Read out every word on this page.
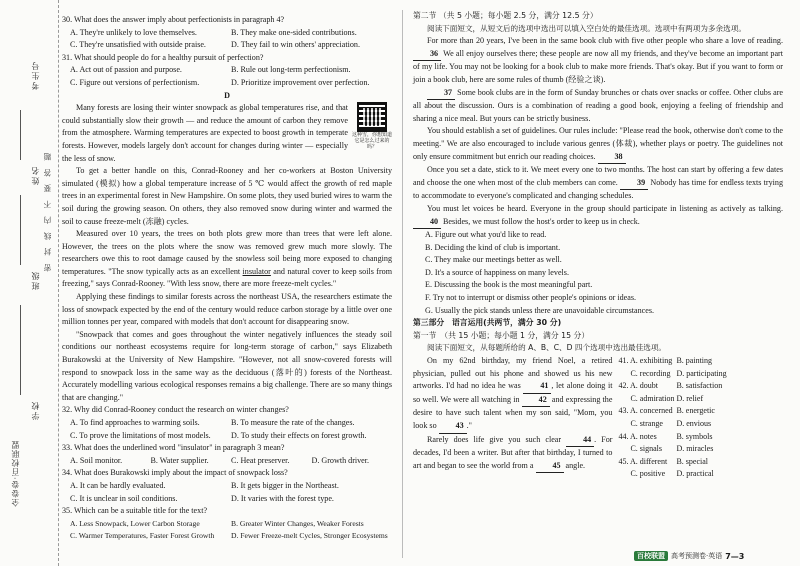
全卷卷·百校联盟
学校
班级
姓名
考生号
密 封 线 内 不 要 答 题

30. What does the answer imply about perfectionists in paragraph 4?

A. They're unlikely to love themselves.	B. They make one-sided contributions.
C. They're unsatisfied with outside praise.	D. They fail to win others' appreciation.

31. What should people do for a healthy pursuit of perfection?

A. Act out of passion and purpose.	B. Rule out long-term perfectionism.
C. Figure out versions of perfectionism.	D. Prioritize improvement over perfection.

D

这种雪，你想知道它是怎么过来的吗？

Many forests are losing their winter snowpack as global temperatures rise, and that could substantially slow their growth — and reduce the amount of carbon they remove from the atmosphere. Warming temperatures are expected to boost growth in temperate forests. However, models largely don't account for changes during winter — especially the less of snow.

To get a better handle on this, Conrad-Rooney and her co-workers at Boston University simulated (模拟) how a global temperature increase of 5 ℃ would affect the growth of red maple trees in an experimental forest in New Hampshire. On some plots, they used buried wires to warm the soil during the growing season. On others, they also removed snow during winter and warmed the soil to cause freeze-melt (冻融) cycles.

Measured over 10 years, the trees on both plots grew more than trees that were left alone. However, the trees on the plots where the snow was removed grew much more slowly. The researchers owe this to root damage caused by the snowless soil being more exposed to changing temperatures. "The snow typically acts as an excellent insulator and natural cover to keep soils from freezing," says Conrad-Rooney. "With less snow, there are more freeze-melt cycles."

Applying these findings to similar forests across the northeast USA, the researchers estimate the loss of snowpack expected by the end of the century would reduce carbon storage by a little over one million tonnes per year, compared with models that don't account for disappearing snow.

"Snowpack that comes and goes throughout the winter negatively influences the steady soil conditions our northeast ecosystems require for long-term storage of carbon," says Elizabeth Burakowski at the University of New Hampshire. "However, not all snow-covered forests will respond to snowpack loss in the same way as the deciduous (落叶的) forests of the Northeast. Accurately modelling various ecological responses remains a big challenge. There are so many things that are changing."

32. Why did Conrad-Rooney conduct the research on winter changes?

A. To find approaches to warming soils.	B. To measure the rate of the changes.
C. To prove the limitations of most models.	D. To study their effects on forest growth.

33. What does the underlined word "insulator" in paragraph 3 mean?

A. Soil monitor.	B. Water supplier.	C. Heat preserver.	D. Growth driver.

34. What does Burakowski imply about the impact of snowpack loss?

A. It can be hardly evaluated.	B. It gets bigger in the Northeast.
C. It is unclear in soil conditions.	D. It varies with the forest type.

35. Which can be a suitable title for the text?

A. Less Snowpack, Lower Carbon Storage	B. Greater Winter Changes, Weaker Forests
C. Warmer Temperatures, Faster Forest Growth	D. Fewer Freeze-melt Cycles, Stronger Ecosystems

第二节 （共 5 小题；每小题 2.5 分，满分 12.5 分）

阅读下面短文，从短文后的选项中选出可以填入空白处的最佳选项。选项中有两项为多余选项。

For more than 20 years, I've been in the same book club with five other people who share a love of reading. 36 We all enjoy ourselves there; these people are now all my friends, and they've become an important part of my life. You may not be looking for a book club to make more friends. That's okay. But if you want to form or join a book club, here are some rules of thumb (经验之谈).

37 Some book clubs are in the form of Sunday brunches or chats over snacks or coffee. Other clubs are all about the discussion. Ours is a combination of reading a good book, enjoying a feeling of friendship and sharing a nice meal. But yours can be strictly business.

You should establish a set of guidelines. Our rules include: "Please read the book, otherwise don't come to the meeting." We are also encouraged to include various genres (体裁), whether plays or poetry. The guidelines not only ensure commitment but enrich our reading choices. 38

Once you set a date, stick to it. We meet every one to two months. The host can start by offering a few dates and choose the one when most of the club members can come. 39 Nobody has time for endless texts trying to accommodate to everyone's complicated and changing schedules.

You must let voices be heard. Everyone in the group should participate in listening as actively as talking. 40 Besides, we must follow the host's order to keep us in check.

A. Figure out what you'd like to read.

B. Deciding the kind of club is important.

C. They make our meetings better as well.

D. It's a source of happiness on many levels.

E. Discussing the book is the most meaningful part.

F. Try not to interrupt or dismiss other people's opinions or ideas.

G. Usually the pick stands unless there are unavoidable circumstances.

第三部分　语言运用(共两节，满分 30 分)

第一节　（共 15 小题；每小题 1 分，满分 15 分）

阅读下面短文，从每题所给的 A、B、C、D 四个选项中选出最佳选项。

On my 62nd birthday, my friend Noel, a retired physician, pulled out his phone and showed us his new artworks. I'd had no idea he was 41 , let alone doing it so well. We were all watching in 42 and expressing the desire to have such talent when my son said, "Mom, you look so 43 ."

Rarely does life give you such clear	44 . For decades, I'd been a writer. But after that birthday, I turned to art and began to see the world from a 45 angle.

41. A. exhibiting B. painting
C. recording D. participating
42. A. doubt	B. satisfaction
C. admiration D. relief
43. A. concerned B. energetic
C. strange	D. envious
44. A. notes	B. symbols
C. signals	D. miracles
45. A. different	B. special
C. positive	D. practical
百校联盟 高考预测卷·英语 7—3
